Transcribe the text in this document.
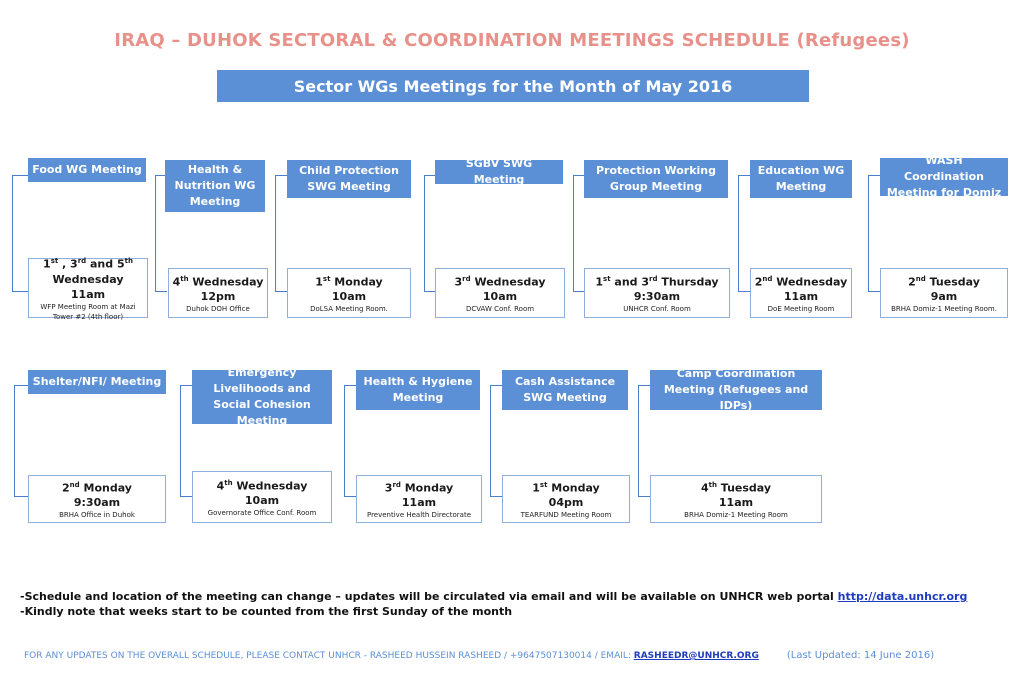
IRAQ – DUHOK SECTORAL & COORDINATION MEETINGS SCHEDULE (Refugees)
Sector WGs Meetings for the Month of May 2016
Food WG Meeting
1st , 3rd and 5th
Wednesday
11am
WFP Meeting Room at Mazi Tower #2 (4th floor)
Health & Nutrition WG Meeting
4th Wednesday
12pm
Duhok DOH Office
Child Protection SWG Meeting
1st Monday
10am
DoLSA Meeting Room.
SGBV SWG Meeting
3rd Wednesday
10am
DCVAW Conf. Room
Protection Working Group Meeting
1st and 3rd Thursday
9:30am
UNHCR Conf. Room
Education WG Meeting
2nd Wednesday
11am
DoE Meeting Room
WASH Coordination Meeting for Domiz
2nd Tuesday
9am
BRHA Domiz-1 Meeting Room.
Shelter/NFI/ Meeting
2nd Monday
9:30am
BRHA Office in Duhok
Emergency Livelihoods and Social Cohesion Meeting
4th Wednesday
10am
Governorate Office Conf. Room
Health & Hygiene Meeting
3rd Monday
11am
Preventive Health Directorate
Cash Assistance SWG Meeting
1st Monday
04pm
TEARFUND Meeting Room
Camp Coordination Meeting (Refugees and IDPs)
4th Tuesday
11am
BRHA Domiz-1 Meeting Room
-Schedule and location of the meeting can change – updates will be circulated via email and will be available on UNHCR web portal http://data.unhcr.org
-Kindly note that weeks start to be counted from the first Sunday of the month
FOR ANY UPDATES ON THE OVERALL SCHEDULE, PLEASE CONTACT UNHCR - RASHEED HUSSEIN RASHEED / +9647507130014 / EMAIL: RASHEEDR@UNHCR.ORG	(Last Updated: 14 June 2016)
